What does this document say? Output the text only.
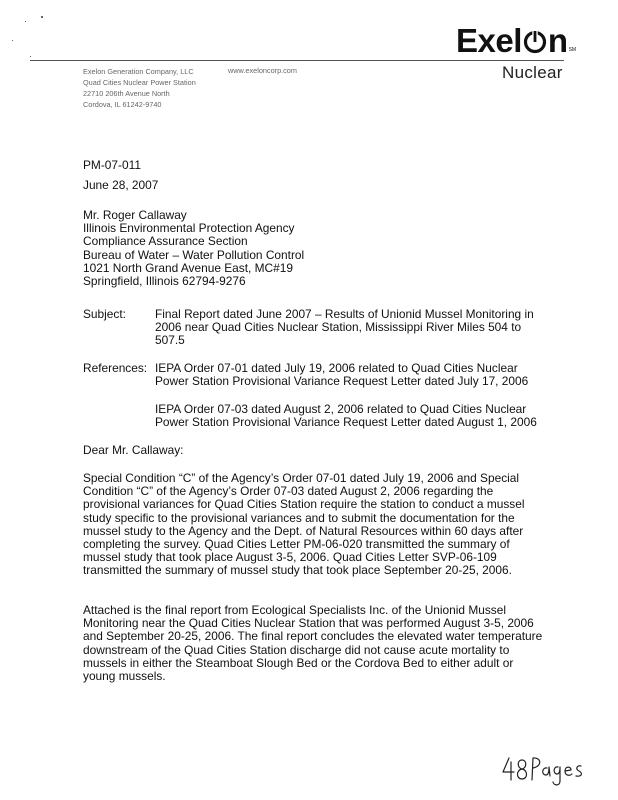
Exel n SM
Nuclear
Exelon Generation Company, LLC
Quad Cities Nuclear Power Station
22710 206th Avenue North
Cordova, IL 61242-9740
www.exeloncorp.com
PM-07-011
June 28, 2007
Mr. Roger Callaway
Illinois Environmental Protection Agency
Compliance Assurance Section
Bureau of Water – Water Pollution Control
1021 North Grand Avenue East, MC#19
Springfield, Illinois 62794-9276
Subject: Final Report dated June 2007 – Results of Unionid Mussel Monitoring in
2006 near Quad Cities Nuclear Station, Mississippi River Miles 504 to
507.5
References: IEPA Order 07-01 dated July 19, 2006 related to Quad Cities Nuclear
Power Station Provisional Variance Request Letter dated July 17, 2006
IEPA Order 07-03 dated August 2, 2006 related to Quad Cities Nuclear
Power Station Provisional Variance Request Letter dated August 1, 2006
Dear Mr. Callaway:
Special Condition “C” of the Agency’s Order 07-01 dated July 19, 2006 and Special
Condition “C” of the Agency’s Order 07-03 dated August 2, 2006 regarding the
provisional variances for Quad Cities Station require the station to conduct a mussel
study specific to the provisional variances and to submit the documentation for the
mussel study to the Agency and the Dept. of Natural Resources within 60 days after
completing the survey. Quad Cities Letter PM-06-020 transmitted the summary of
mussel study that took place August 3-5, 2006. Quad Cities Letter SVP-06-109
transmitted the summary of mussel study that took place September 20-25, 2006.
Attached is the final report from Ecological Specialists Inc. of the Unionid Mussel
Monitoring near the Quad Cities Nuclear Station that was performed August 3-5, 2006
and September 20-25, 2006. The final report concludes the elevated water temperature
downstream of the Quad Cities Station discharge did not cause acute mortality to
mussels in either the Steamboat Slough Bed or the Cordova Bed to either adult or
young mussels.
